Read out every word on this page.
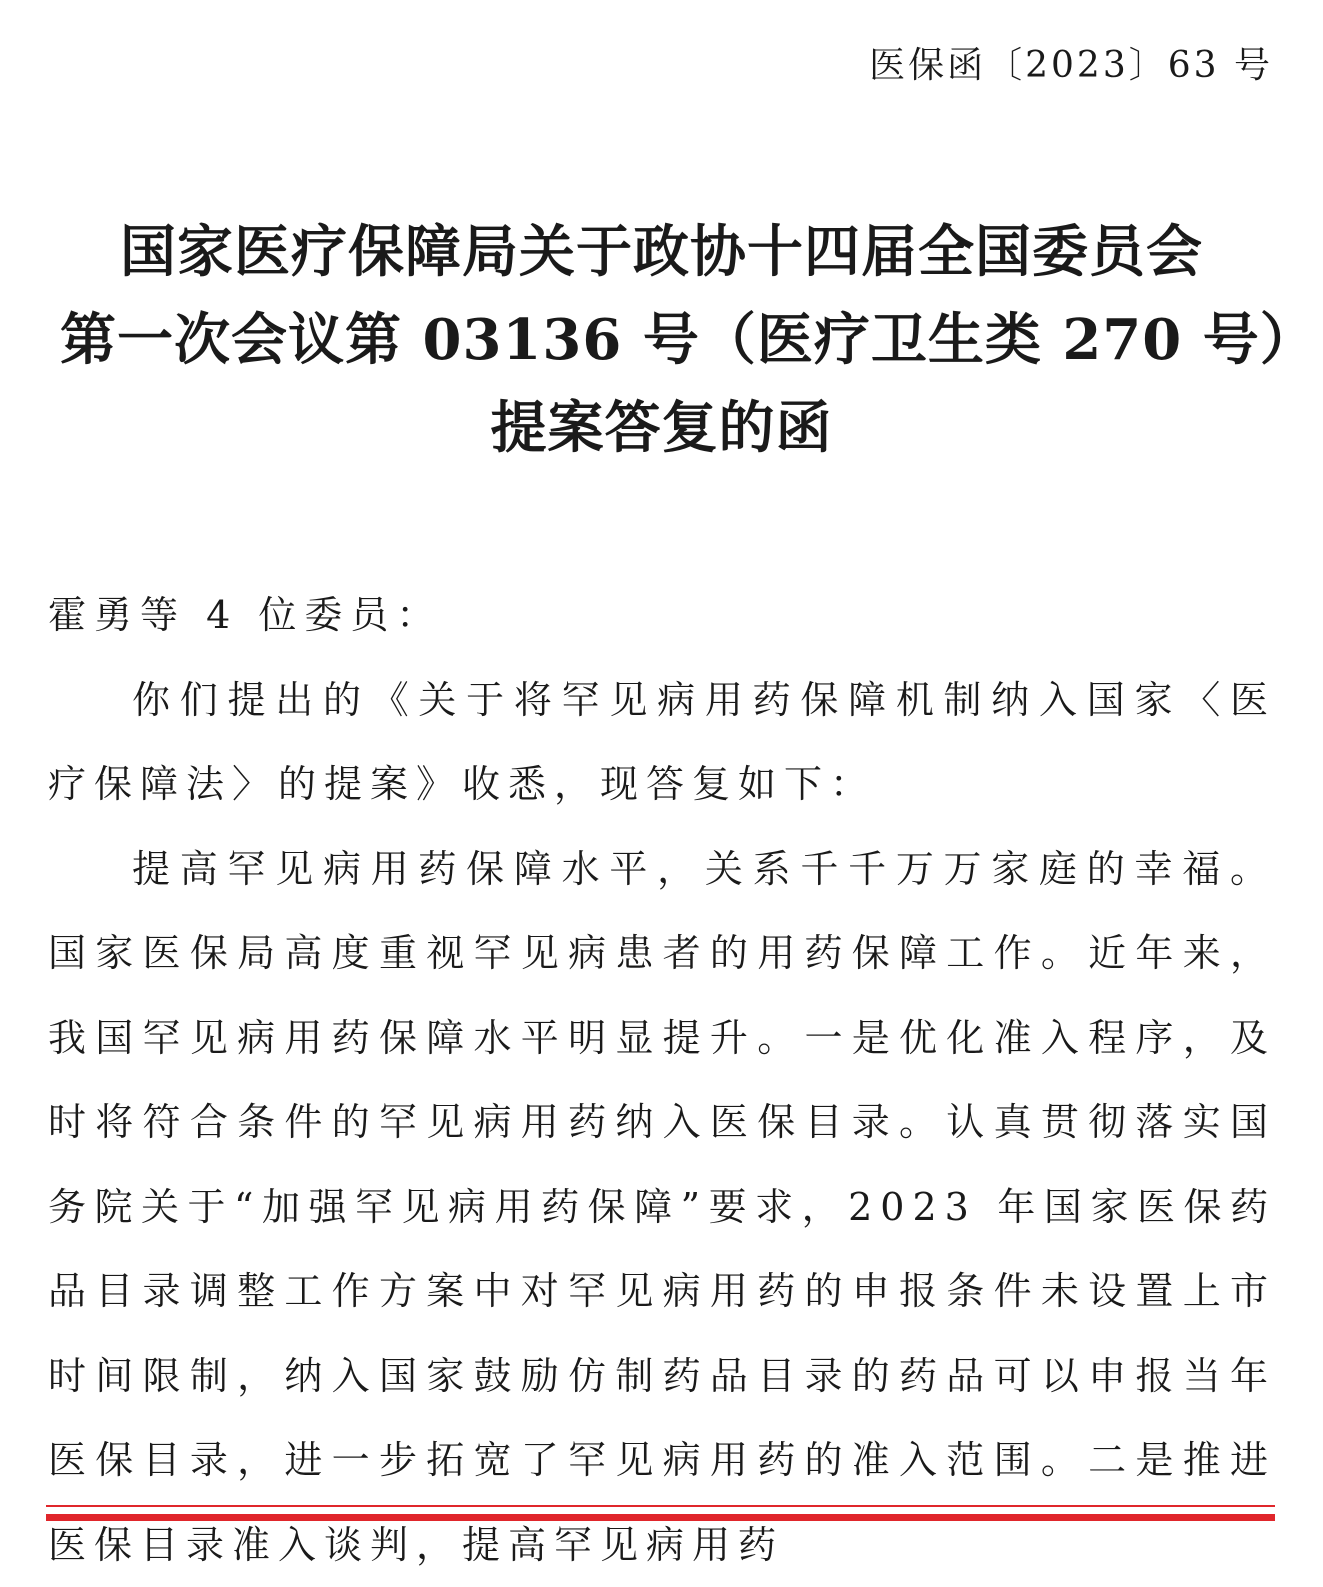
医保函〔2023〕63 号
国家医疗保障局关于政协十四届全国委员会
第一次会议第 03136 号（医疗卫生类 270 号）
提案答复的函
霍勇等 4 位委员：

你们提出的《关于将罕见病用药保障机制纳入国家〈医疗保障法〉的提案》收悉，现答复如下：

提高罕见病用药保障水平，关系千千万万家庭的幸福。国家医保局高度重视罕见病患者的用药保障工作。近年来，我国罕见病用药保障水平明显提升。一是优化准入程序，及时将符合条件的罕见病用药纳入医保目录。认真贯彻落实国务院关于“加强罕见病用药保障”要求，2023 年国家医保药品目录调整工作方案中对罕见病用药的申报条件未设置上市时间限制，纳入国家鼓励仿制药品目录的药品可以申报当年医保目录，进一步拓宽了罕见病用药的准入范围。二是推进医保目录准入谈判，提高罕见病用药
